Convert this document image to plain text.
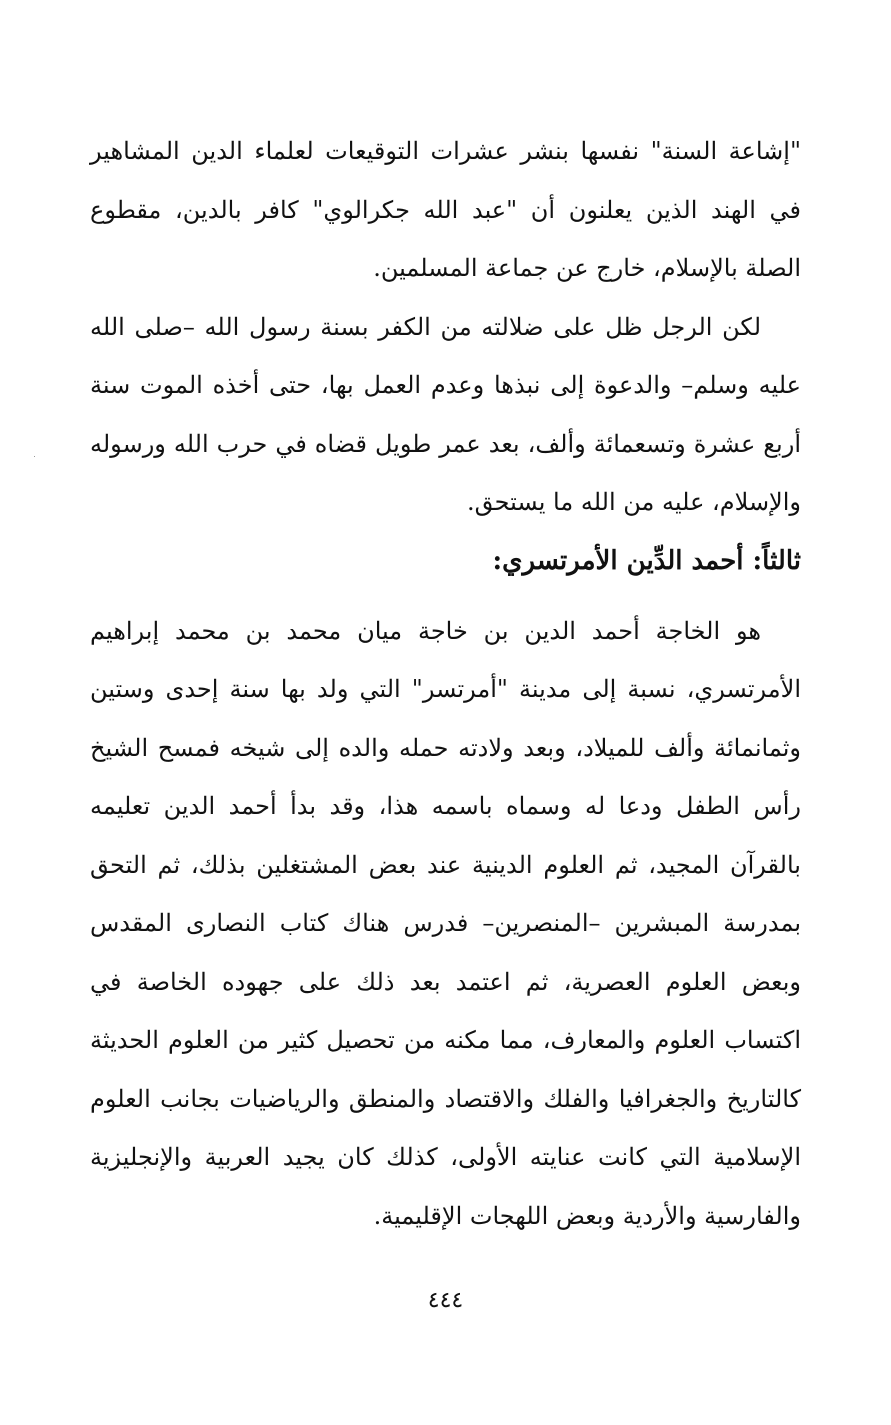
"إشاعة السنة" نفسها بنشر عشرات التوقيعات لعلماء الدين المشاهير في الهند الذين يعلنون أن "عبد الله جكرالوي" كافر بالدين، مقطوع الصلة بالإسلام، خارج عن جماعة المسلمين.

لكن الرجل ظل على ضلالته من الكفر بسنة رسول الله –صلى الله عليه وسلم– والدعوة إلى نبذها وعدم العمل بها، حتى أخذه الموت سنة أربع عشرة وتسعمائة وألف، بعد عمر طويل قضاه في حرب الله ورسوله والإسلام، عليه من الله ما يستحق.

ثالثاً: أحمد الدِّين الأمرتسري:

هو الخاجة أحمد الدين بن خاجة ميان محمد بن محمد إبراهيم الأمرتسري، نسبة إلى مدينة "أمرتسر" التي ولد بها سنة إحدى وستين وثمانمائة وألف للميلاد، وبعد ولادته حمله والده إلى شيخه فمسح الشيخ رأس الطفل ودعا له وسماه باسمه هذا، وقد بدأ أحمد الدين تعليمه بالقرآن المجيد، ثم العلوم الدينية عند بعض المشتغلين بذلك، ثم التحق بمدرسة المبشرين –المنصرين– فدرس هناك كتاب النصارى المقدس وبعض العلوم العصرية، ثم اعتمد بعد ذلك على جهوده الخاصة في اكتساب العلوم والمعارف، مما مكنه من تحصيل كثير من العلوم الحديثة كالتاريخ والجغرافيا والفلك والاقتصاد والمنطق والرياضيات بجانب العلوم الإسلامية التي كانت عنايته الأولى، كذلك كان يجيد العربية والإنجليزية والفارسية والأردية وبعض اللهجات الإقليمية.

٤٤٤
